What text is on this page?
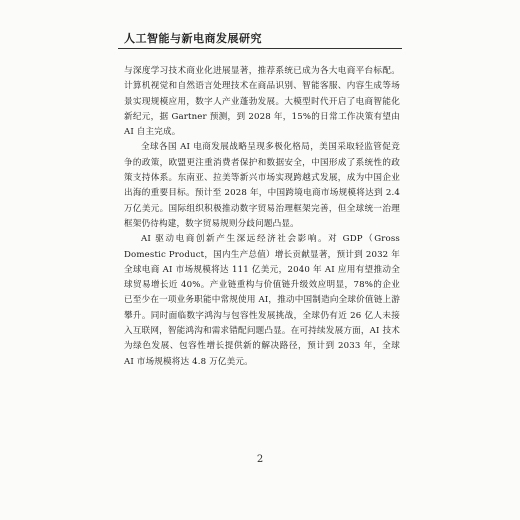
人工智能与新电商发展研究

与深度学习技术商业化进展显著，推荐系统已成为各大电商平台标配。计算机视觉和自然语言处理技术在商品识别、智能客服、内容生成等场景实现规模应用，数字人产业蓬勃发展。大模型时代开启了电商智能化新纪元，据 Gartner 预测，到 2028 年，15%的日常工作决策有望由 AI 自主完成。

全球各国 AI 电商发展战略呈现多极化格局，美国采取轻监管促竞争的政策，欧盟更注重消费者保护和数据安全，中国形成了系统性的政策支持体系。东南亚、拉美等新兴市场实现跨越式发展，成为中国企业出海的重要目标。预计至 2028 年，中国跨境电商市场规模将达到 2.4 万亿美元。国际组织积极推动数字贸易治理框架完善，但全球统一治理框架仍待构建，数字贸易规则分歧问题凸显。

AI 驱动电商创新产生深远经济社会影响。对 GDP（Gross Domestic Product，国内生产总值）增长贡献显著，预计到 2032 年全球电商 AI 市场规模将达 111 亿美元，2040 年 AI 应用有望推动全球贸易增长近 40%。产业链重构与价值链升级效应明显，78%的企业已至少在一项业务职能中常规使用 AI，推动中国制造向全球价值链上游攀升。同时面临数字鸿沟与包容性发展挑战，全球仍有近 26 亿人未接入互联网，智能鸿沟和需求错配问题凸显。在可持续发展方面，AI 技术为绿色发展、包容性增长提供新的解决路径，预计到 2033 年，全球 AI 市场规模将达 4.8 万亿美元。

2
